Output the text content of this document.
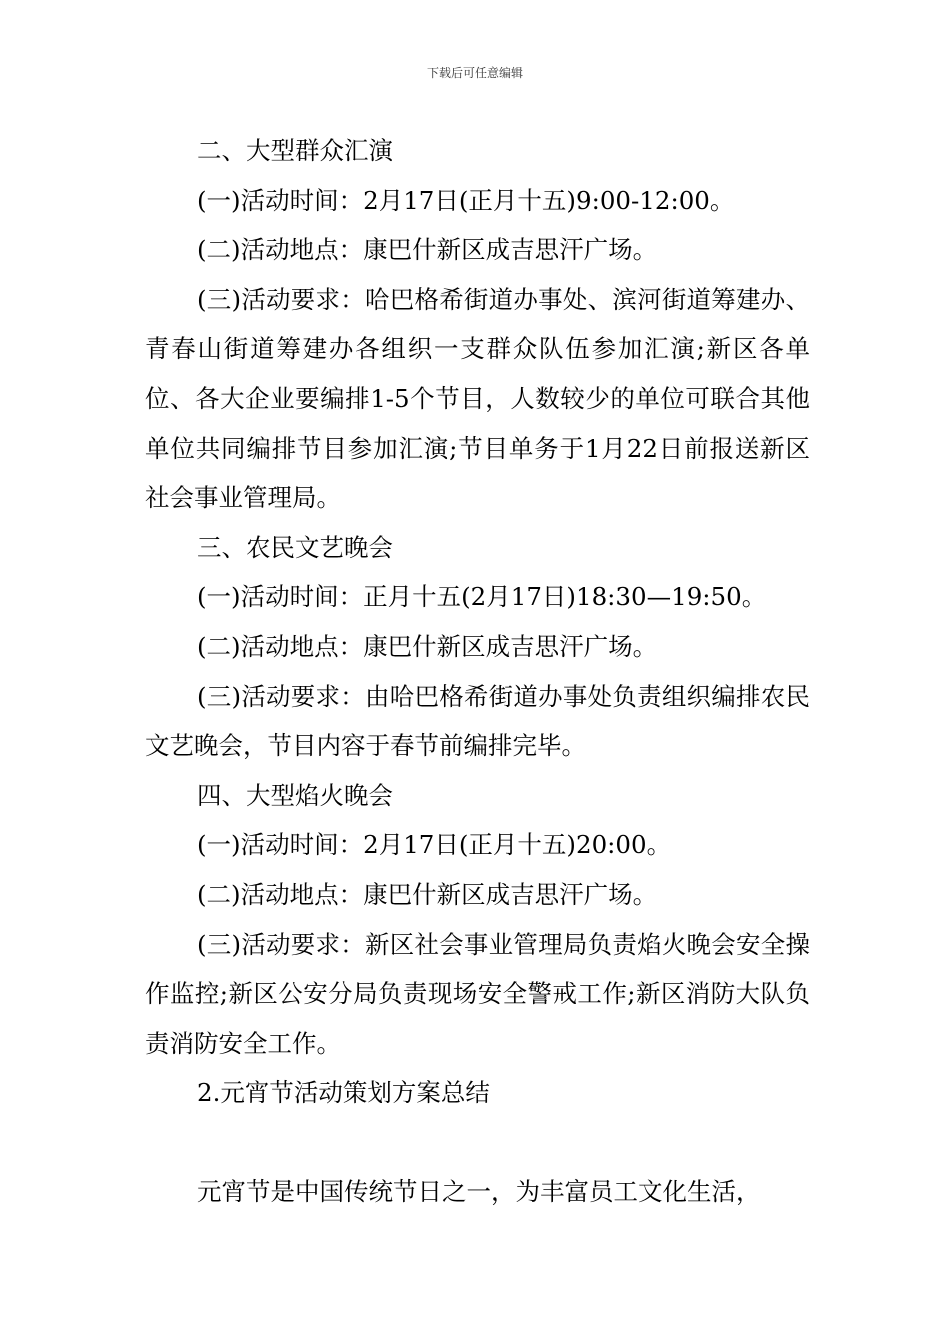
下载后可任意编辑

二、大型群众汇演

(一)活动时间：2月17日(正月十五)9:00-12:00。

(二)活动地点：康巴什新区成吉思汗广场。

(三)活动要求：哈巴格希街道办事处、滨河街道筹建办、青春山街道筹建办各组织一支群众队伍参加汇演;新区各单位、各大企业要编排1-5个节目，人数较少的单位可联合其他单位共同编排节目参加汇演;节目单务于1月22日前报送新区社会事业管理局。

三、农民文艺晚会

(一)活动时间：正月十五(2月17日)18:30—19:50。

(二)活动地点：康巴什新区成吉思汗广场。

(三)活动要求：由哈巴格希街道办事处负责组织编排农民文艺晚会，节目内容于春节前编排完毕。

四、大型焰火晚会

(一)活动时间：2月17日(正月十五)20:00。

(二)活动地点：康巴什新区成吉思汗广场。

(三)活动要求：新区社会事业管理局负责焰火晚会安全操作监控;新区公安分局负责现场安全警戒工作;新区消防大队负责消防安全工作。

2.元宵节活动策划方案总结

元宵节是中国传统节日之一，为丰富员工文化生活，
